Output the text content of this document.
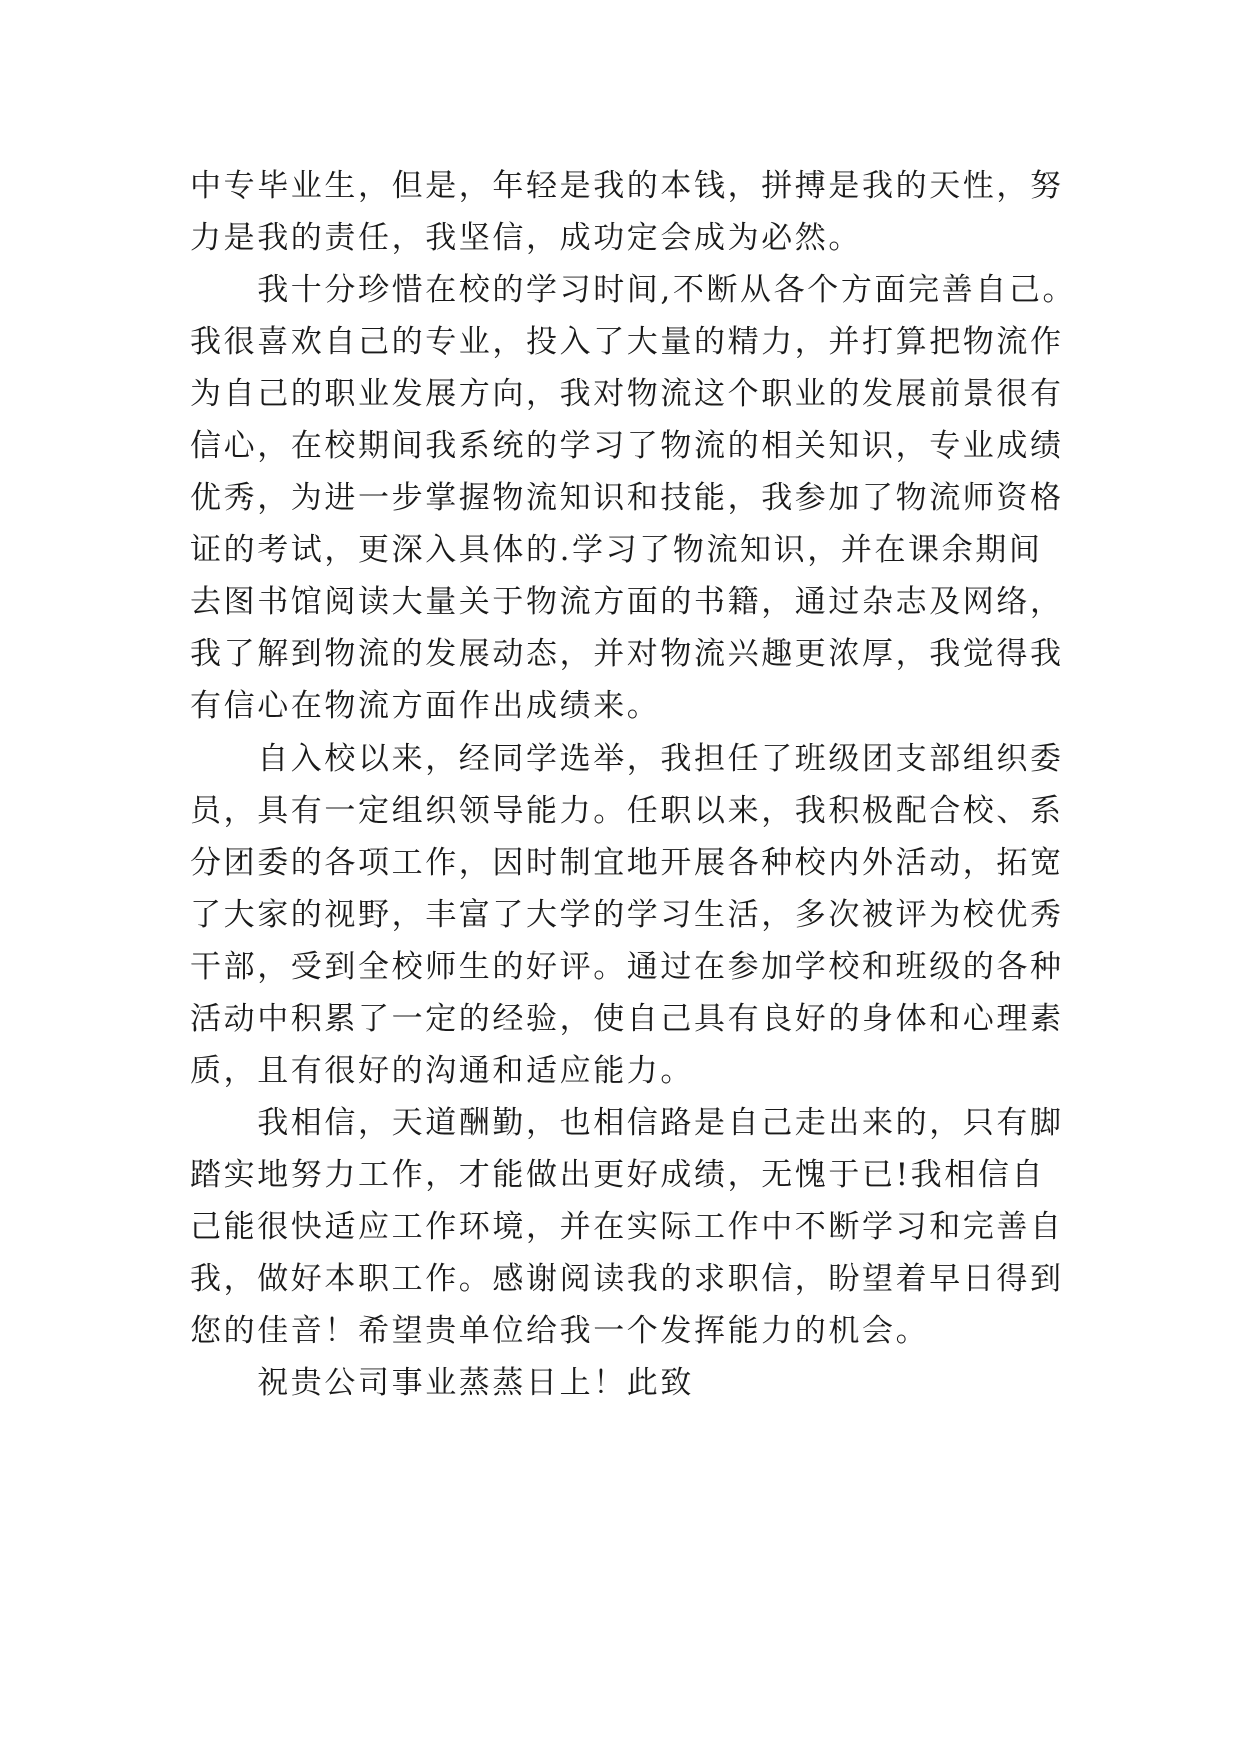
中专毕业生，但是，年轻是我的本钱，拼搏是我的天性，努
力是我的责任，我坚信，成功定会成为必然。
　　我十分珍惜在校的学习时间,不断从各个方面完善自己。
我很喜欢自己的专业，投入了大量的精力，并打算把物流作
为自己的职业发展方向，我对物流这个职业的发展前景很有
信心，在校期间我系统的学习了物流的相关知识，专业成绩
优秀，为进一步掌握物流知识和技能，我参加了物流师资格
证的考试，更深入具体的.学习了物流知识，并在课余期间
去图书馆阅读大量关于物流方面的书籍，通过杂志及网络，
我了解到物流的发展动态，并对物流兴趣更浓厚，我觉得我
有信心在物流方面作出成绩来。
　　自入校以来，经同学选举，我担任了班级团支部组织委
员，具有一定组织领导能力。任职以来，我积极配合校、系
分团委的各项工作，因时制宜地开展各种校内外活动，拓宽
了大家的视野，丰富了大学的学习生活，多次被评为校优秀
干部，受到全校师生的好评。通过在参加学校和班级的各种
活动中积累了一定的经验，使自己具有良好的身体和心理素
质，且有很好的沟通和适应能力。
　　我相信，天道酬勤，也相信路是自己走出来的，只有脚
踏实地努力工作，才能做出更好成绩，无愧于已!我相信自
己能很快适应工作环境，并在实际工作中不断学习和完善自
我，做好本职工作。感谢阅读我的求职信，盼望着早日得到
您的佳音！希望贵单位给我一个发挥能力的机会。
　　祝贵公司事业蒸蒸日上！此致
